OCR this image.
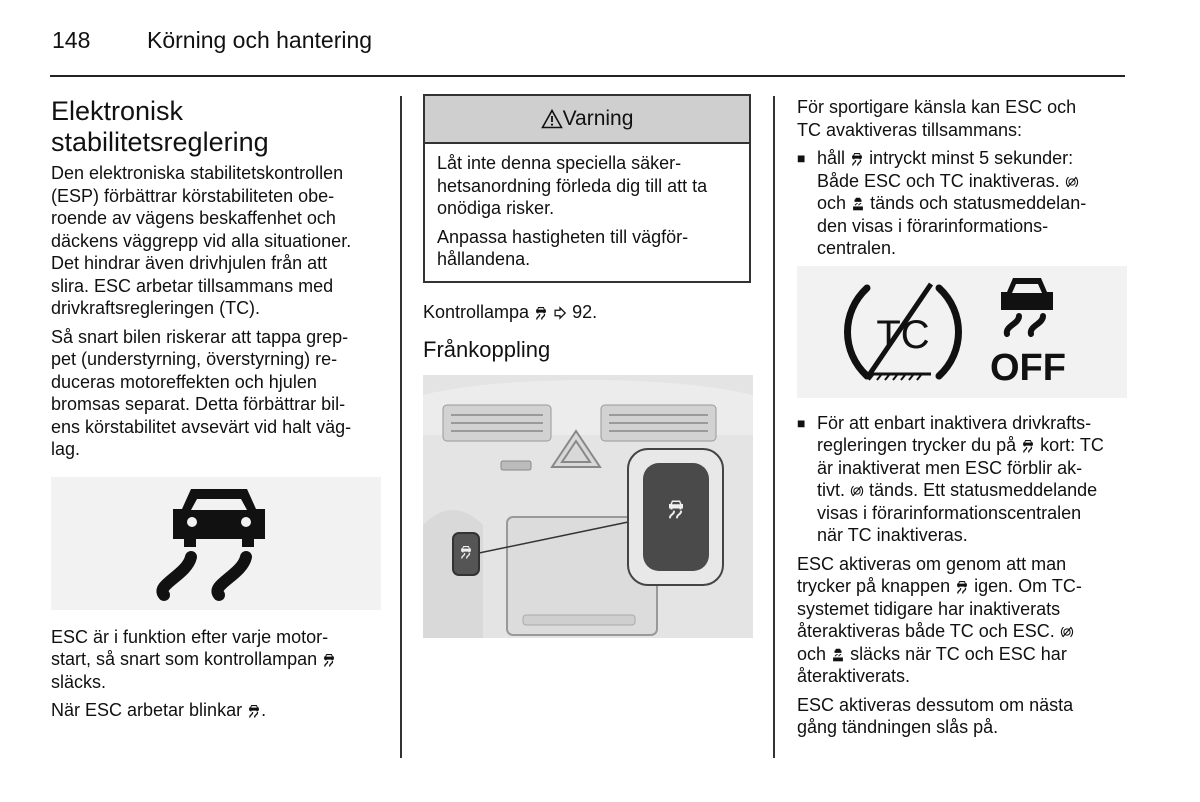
148 Körning och hantering
Elektronisk
stabilitetsreglering

Den elektroniska stabilitetskontrollen
(ESP) förbättrar körstabiliteten obe-
roende av vägens beskaffenhet och
däckens väggrepp vid alla situationer.
Det hindrar även drivhjulen från att
slira. ESC arbetar tillsammans med
drivkraftsregleringen (TC).

Så snart bilen riskerar att tappa grep-
pet (understyrning, överstyrning) re-
duceras motoreffekten och hjulen
bromsas separat. Detta förbättrar bil-
ens körstabilitet avsevärt vid halt väg-
lag.

ESC är i funktion efter varje motor-
start, så snart som kontrollampan
släcks.

När ESC arbetar blinkar .

Varning

Låt inte denna speciella säker-
hetsanordning förleda dig till att ta
onödiga risker.

Anpassa hastigheten till vägför-
hållandena.

Kontrollampa 92.

Frånkoppling

För sportigare känsla kan ESC och
TC avaktiveras tillsammans:

■ håll intryckt minst 5 sekunder:
Både ESC och TC inaktiveras.
och tänds och statusmeddelan-
den visas i förarinformations-
centralen.

TC
OFF
■ För att enbart inaktivera drivkrafts-
regleringen trycker du på kort: TC
är inaktiverat men ESC förblir ak-
tivt. tänds. Ett statusmeddelande
visas i förarinformationscentralen
när TC inaktiveras.

ESC aktiveras om genom att man
trycker på knappen igen. Om TC-
systemet tidigare har inaktiverats
återaktiveras både TC och ESC.
och släcks när TC och ESC har
återaktiverats.

ESC aktiveras dessutom om nästa
gång tändningen slås på.
